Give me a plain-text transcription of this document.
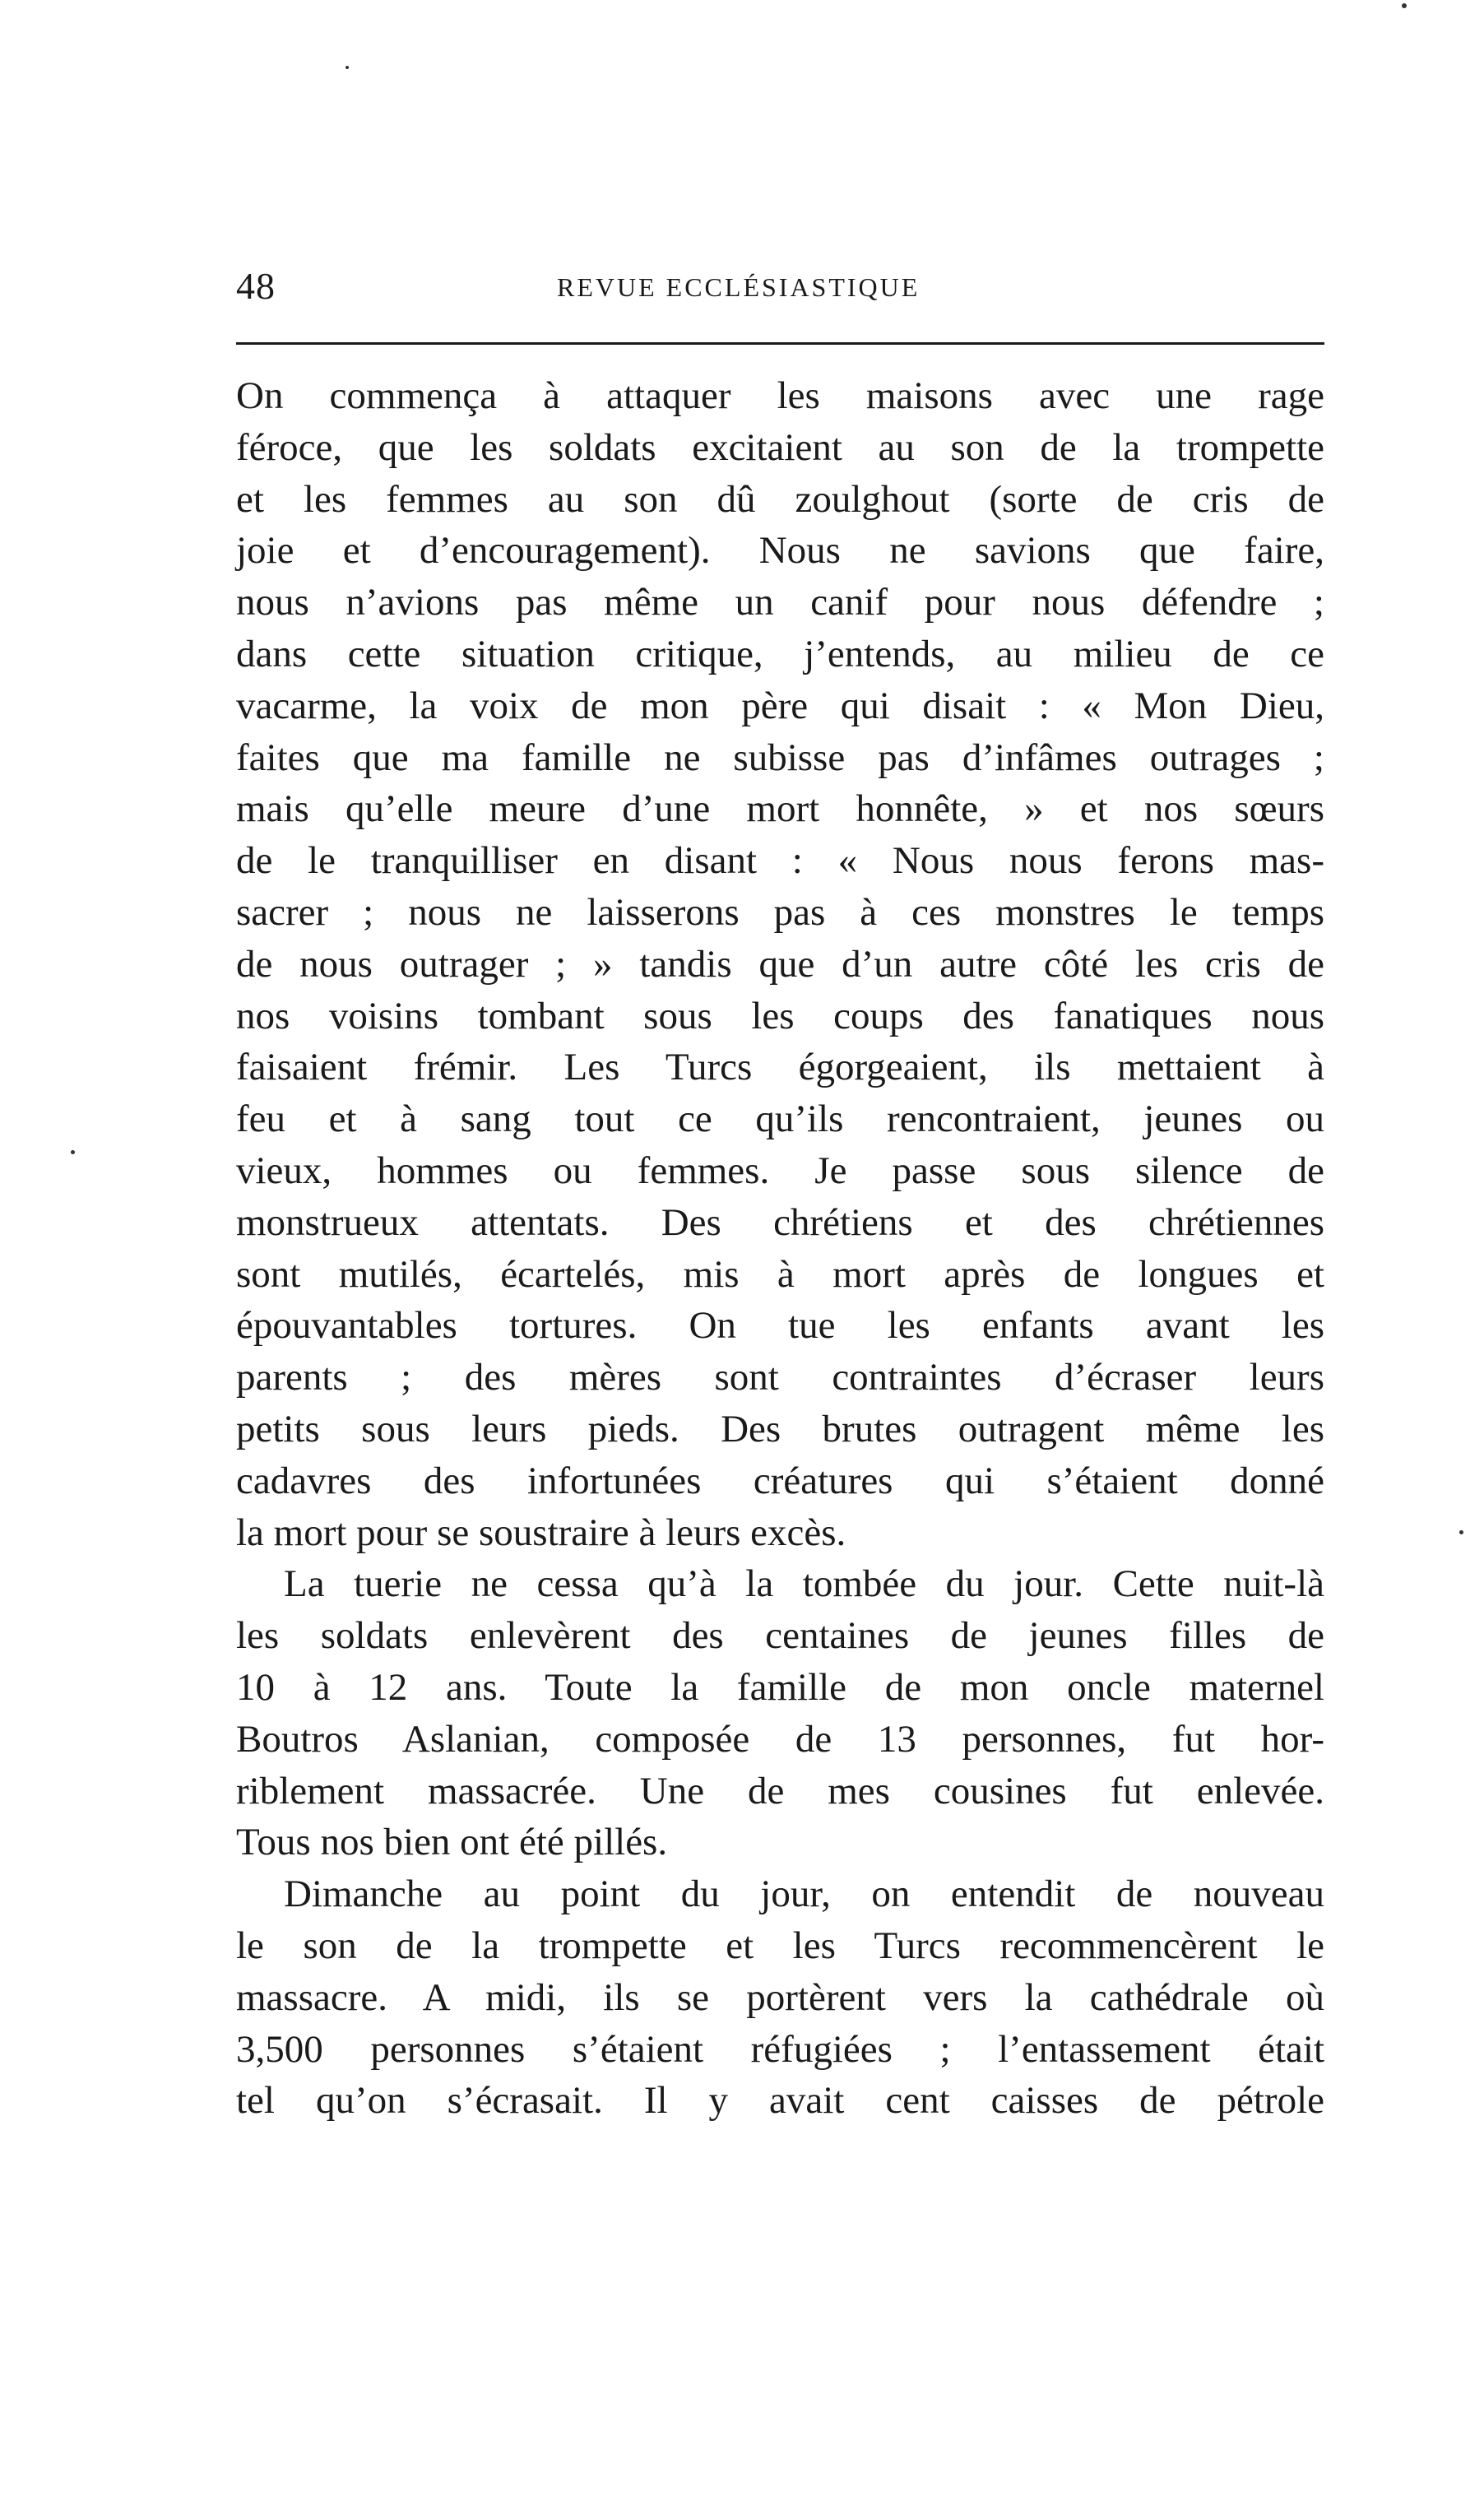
48	REVUE ECCLÉSIASTIQUE

On commença à attaquer les maisons avec une rage

féroce, que les soldats excitaient au son de la trompette

et les femmes au son dû zoulghout (sorte de cris de

joie et d’encouragement). Nous ne savions que faire,

nous n’avions pas même un canif pour nous défendre ;

dans cette situation critique, j’entends, au milieu de ce

vacarme, la voix de mon père qui disait : « Mon Dieu,

faites que ma famille ne subisse pas d’infâmes outrages ;

mais qu’elle meure d’une mort honnête, » et nos sœurs

de le tranquilliser en disant : « Nous nous ferons mas-

sacrer ; nous ne laisserons pas à ces monstres le temps

de nous outrager ; » tandis que d’un autre côté les cris de

nos voisins tombant sous les coups des fanatiques nous

faisaient frémir. Les Turcs égorgeaient, ils mettaient à

feu et à sang tout ce qu’ils rencontraient, jeunes ou

vieux, hommes ou femmes. Je passe sous silence de

monstrueux attentats. Des chrétiens et des chrétiennes

sont mutilés, écartelés, mis à mort après de longues et

épouvantables tortures. On tue les enfants avant les

parents ; des mères sont contraintes d’écraser leurs

petits sous leurs pieds. Des brutes outragent même les

cadavres des infortunées créatures qui s’étaient donné

la mort pour se soustraire à leurs excès.

La tuerie ne cessa qu’à la tombée du jour. Cette nuit-là

les soldats enlevèrent des centaines de jeunes filles de

10 à 12 ans. Toute la famille de mon oncle maternel

Boutros Aslanian, composée de 13 personnes, fut hor-

riblement massacrée. Une de mes cousines fut enlevée.

Tous nos bien ont été pillés.

Dimanche au point du jour, on entendit de nouveau

le son de la trompette et les Turcs recommencèrent le

massacre. A midi, ils se portèrent vers la cathédrale où

3,500 personnes s’étaient réfugiées ; l’entassement était

tel qu’on s’écrasait. Il y avait cent caisses de pétrole
